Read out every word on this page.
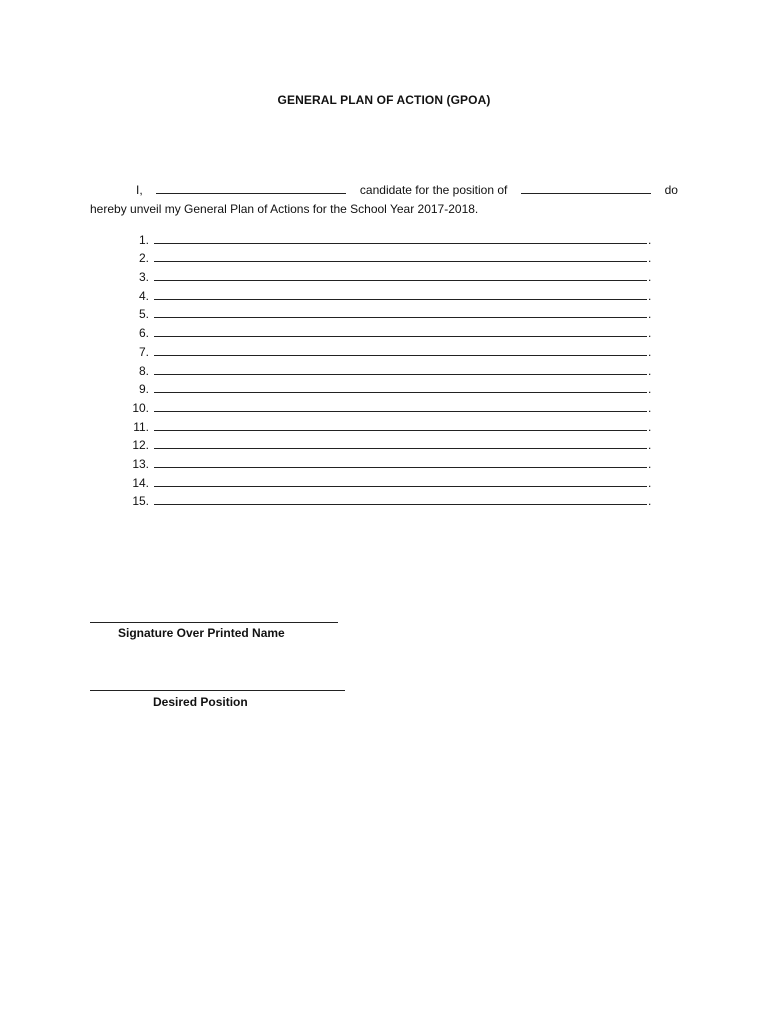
GENERAL PLAN OF ACTION (GPOA)
I,	candidate for the position of	do
hereby unveil my General Plan of Actions for the School Year 2017-2018.
1.	.
2.	.
3.	.
4.	.
5.	.
6.	.
7.	.
8.	.
9.	.
10.	.
11.	.
12.	.
13.	.
14.	.
15.	.
Signature Over Printed Name
Desired Position
